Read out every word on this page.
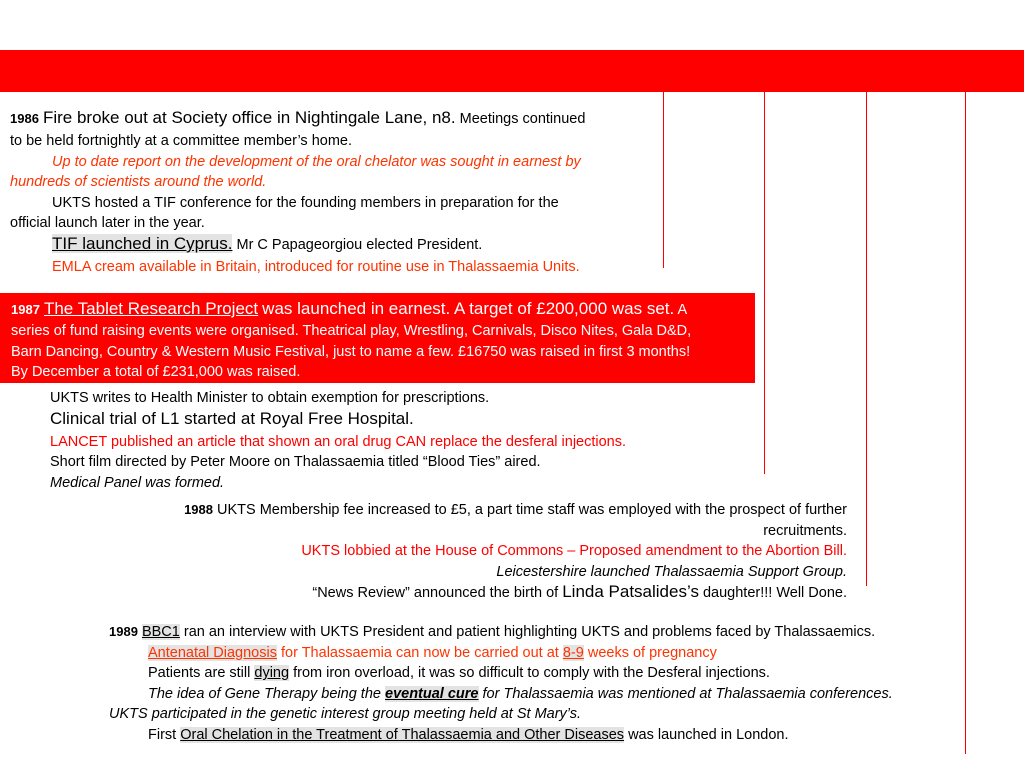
1986 Fire broke out at Society office in Nightingale Lane, n8. Meetings continued
to be held fortnightly at a committee member’s home.
Up to date report on the development of the oral chelator was sought in earnest by
hundreds of scientists around the world.
UKTS hosted a TIF conference for the founding members in preparation for the
official launch later in the year.
TIF launched in Cyprus. Mr C Papageorgiou elected President.
EMLA cream available in Britain, introduced for routine use in Thalassaemia Units.
1987 The Tablet Research Project was launched in earnest. A target of £200,000 was set. A
series of fund raising events were organised. Theatrical play, Wrestling, Carnivals, Disco Nites, Gala D&D,
Barn Dancing, Country & Western Music Festival, just to name a few. £16750 was raised in first 3 months!
By December a total of £231,000 was raised.
UKTS writes to Health Minister to obtain exemption for prescriptions.
Clinical trial of L1 started at Royal Free Hospital.
LANCET published an article that shown an oral drug CAN replace the desferal injections.
Short film directed by Peter Moore on Thalassaemia titled “Blood Ties” aired.
Medical Panel was formed.
1988 UKTS Membership fee increased to £5, a part time staff was employed with the prospect of further
recruitments.
UKTS lobbied at the House of Commons – Proposed amendment to the Abortion Bill.
Leicestershire launched Thalassaemia Support Group.
“News Review” announced the birth of Linda Patsalides’s daughter!!! Well Done.
1989 BBC1 ran an interview with UKTS President and patient highlighting UKTS and problems faced by Thalassaemics.
Antenatal Diagnosis for Thalassaemia can now be carried out at 8-9 weeks of pregnancy
Patients are still dying from iron overload, it was so difficult to comply with the Desferal injections.
The idea of Gene Therapy being the eventual cure for Thalassaemia was mentioned at Thalassaemia conferences.
UKTS participated in the genetic interest group meeting held at St Mary’s.
First Oral Chelation in the Treatment of Thalassaemia and Other Diseases was launched in London.
